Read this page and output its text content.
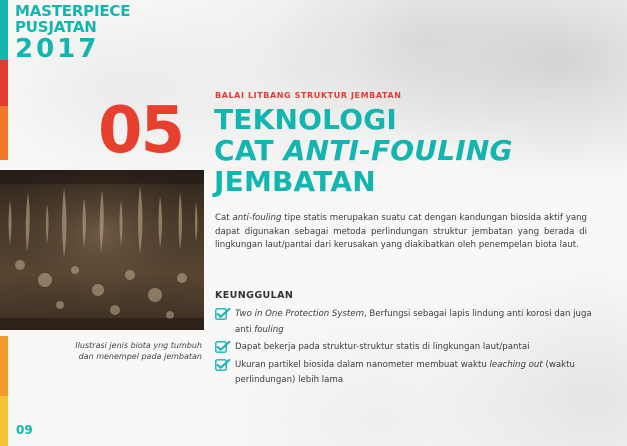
MASTERPIECE
PUSJATAN
2017
Ilustrasi jenis biota yng tumbuh
dan menempel pada jembatan
09
BALAI LITBANG STRUKTUR JEMBATAN
05 TEKNOLOGI
CAT ANTI-FOULING
JEMBATAN

Cat anti-fouling tipe statis merupakan suatu cat dengan kandungan biosida aktif yang dapat digunakan sebagai metoda perlindungan struktur jembatan yang berada di lingkungan laut/pantai dari kerusakan yang diakibatkan oleh penempelan biota laut.

KEUNGGULAN
Two in One Protection System, Berfungsi sebagai lapis lindung anti korosi dan juga anti fouling
Dapat bekerja pada struktur-struktur statis di lingkungan laut/pantai
Ukuran partikel biosida dalam nanometer membuat waktu leaching out (waktu perlindungan) lebih lama
